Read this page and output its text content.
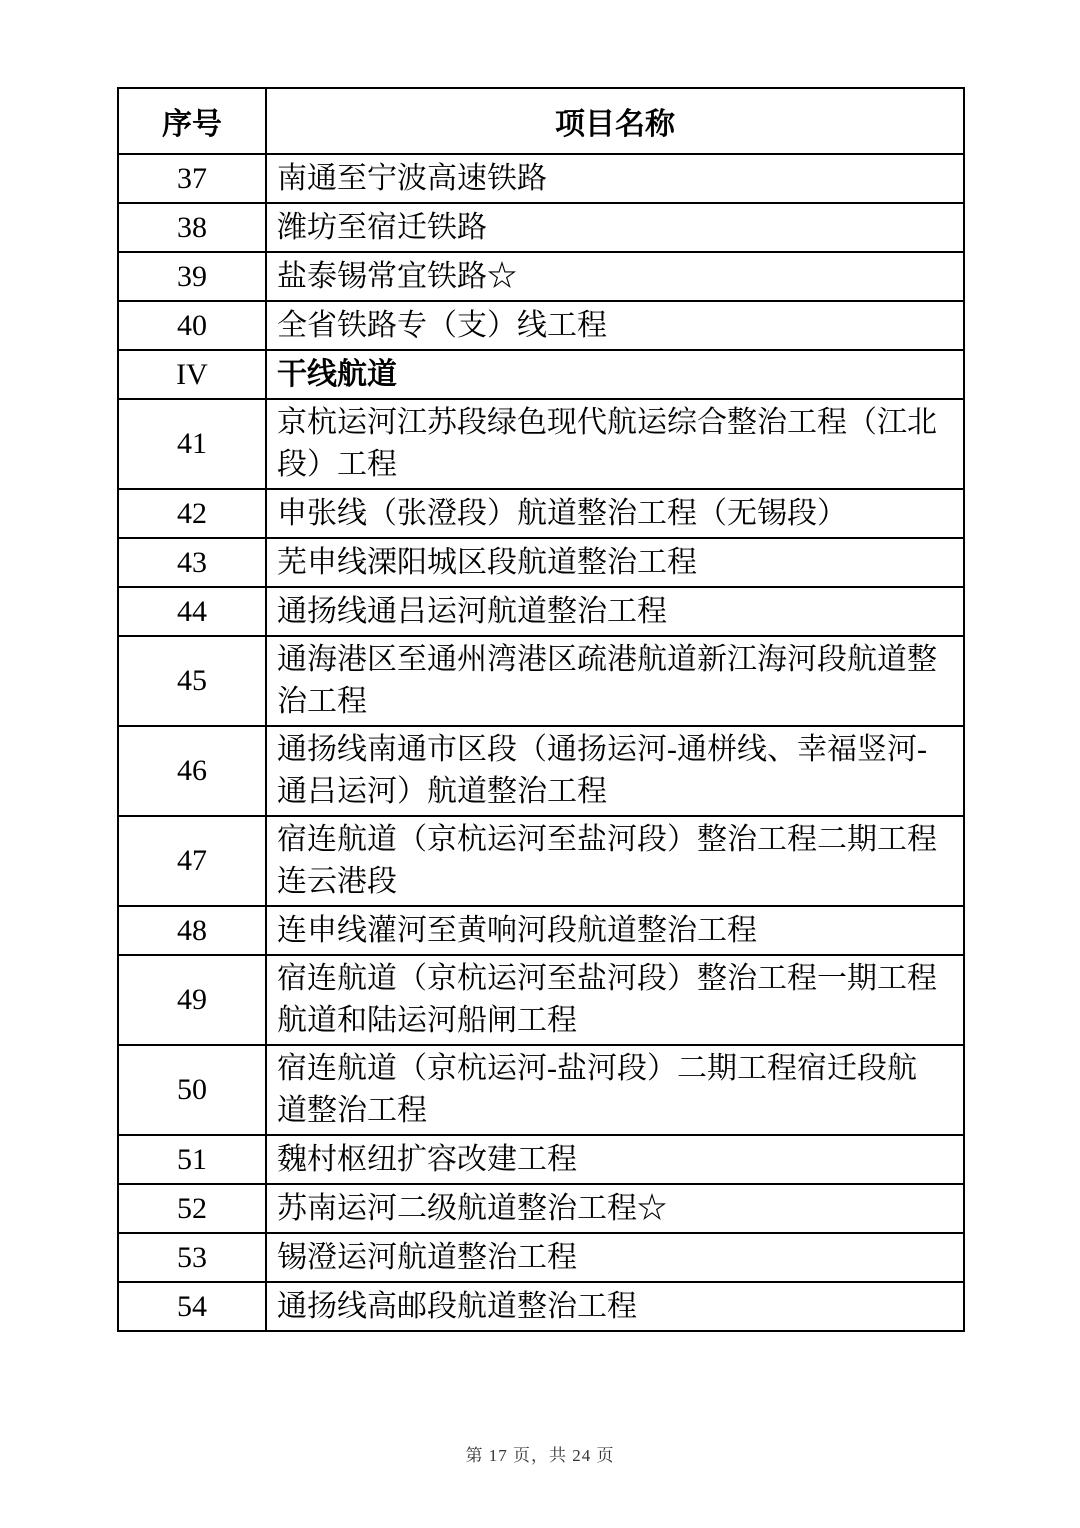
序号	项目名称
37	南通至宁波高速铁路
38	潍坊至宿迁铁路
39	盐泰锡常宜铁路☆
40	全省铁路专（支）线工程
IV	干线航道
41	京杭运河江苏段绿色现代航运综合整治工程（江北段）工程
42	申张线（张澄段）航道整治工程（无锡段）
43	芜申线溧阳城区段航道整治工程
44	通扬线通吕运河航道整治工程
45	通海港区至通州湾港区疏港航道新江海河段航道整治工程
46	通扬线南通市区段（通扬运河-通栟线、幸福竖河-通吕运河）航道整治工程
47	宿连航道（京杭运河至盐河段）整治工程二期工程连云港段
48	连申线灌河至黄响河段航道整治工程
49	宿连航道（京杭运河至盐河段）整治工程一期工程航道和陆运河船闸工程
50	宿连航道（京杭运河-盐河段）二期工程宿迁段航道整治工程
51	魏村枢纽扩容改建工程
52	苏南运河二级航道整治工程☆
53	锡澄运河航道整治工程
54	通扬线高邮段航道整治工程
第 17 页，共 24 页
